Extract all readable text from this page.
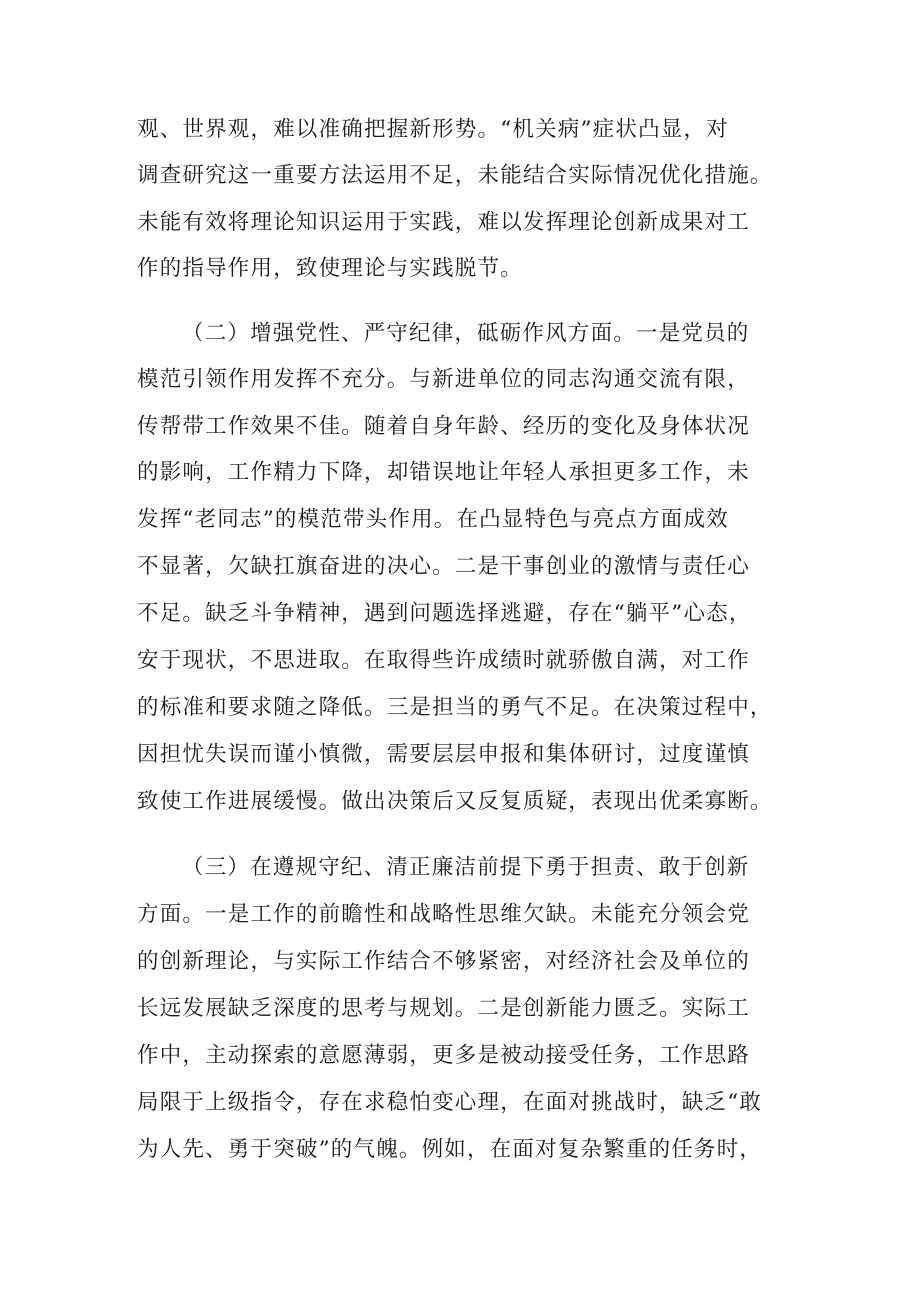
观、世界观，难以准确把握新形势。“机关病”症状凸显，对
调查研究这一重要方法运用不足，未能结合实际情况优化措施。
未能有效将理论知识运用于实践，难以发挥理论创新成果对工
作的指导作用，致使理论与实践脱节。
（二）增强党性、严守纪律，砥砺作风方面。一是党员的
模范引领作用发挥不充分。与新进单位的同志沟通交流有限，
传帮带工作效果不佳。随着自身年龄、经历的变化及身体状况
的影响，工作精力下降，却错误地让年轻人承担更多工作，未
发挥“老同志”的模范带头作用。在凸显特色与亮点方面成效
不显著，欠缺扛旗奋进的决心。二是干事创业的激情与责任心
不足。缺乏斗争精神，遇到问题选择逃避，存在“躺平”心态，
安于现状，不思进取。在取得些许成绩时就骄傲自满，对工作
的标准和要求随之降低。三是担当的勇气不足。在决策过程中，
因担忧失误而谨小慎微，需要层层申报和集体研讨，过度谨慎
致使工作进展缓慢。做出决策后又反复质疑，表现出优柔寡断。
（三）在遵规守纪、清正廉洁前提下勇于担责、敢于创新
方面。一是工作的前瞻性和战略性思维欠缺。未能充分领会党
的创新理论，与实际工作结合不够紧密，对经济社会及单位的
长远发展缺乏深度的思考与规划。二是创新能力匮乏。实际工
作中，主动探索的意愿薄弱，更多是被动接受任务，工作思路
局限于上级指令，存在求稳怕变心理，在面对挑战时，缺乏“敢
为人先、勇于突破”的气魄。例如，在面对复杂繁重的任务时，
